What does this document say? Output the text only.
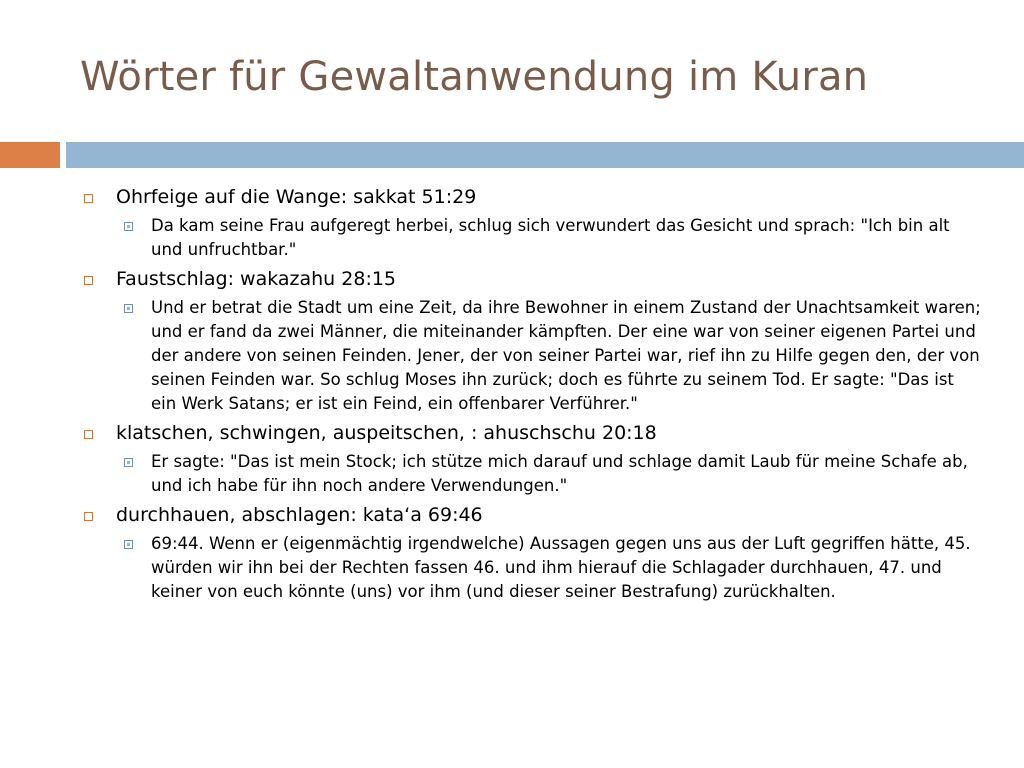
Wörter für Gewaltanwendung im Kuran
Ohrfeige auf die Wange: sakkat 51:29
Da kam seine Frau aufgeregt herbei, schlug sich verwundert das Gesicht und sprach: "Ich bin alt und unfruchtbar."
Faustschlag: wakazahu 28:15
Und er betrat die Stadt um eine Zeit, da ihre Bewohner in einem Zustand der Unachtsamkeit waren; und er fand da zwei Männer, die miteinander kämpften. Der eine war von seiner eigenen Partei und der andere von seinen Feinden. Jener, der von seiner Partei war, rief ihn zu Hilfe gegen den, der von seinen Feinden war. So schlug Moses ihn zurück; doch es führte zu seinem Tod. Er sagte: "Das ist ein Werk Satans; er ist ein Feind, ein offenbarer Verführer."
klatschen, schwingen, auspeitschen, : ahuschschu 20:18
Er sagte: "Das ist mein Stock; ich stütze mich darauf und schlage damit Laub für meine Schafe ab, und ich habe für ihn noch andere Verwendungen."
durchhauen, abschlagen: kata‘a 69:46
69:44. Wenn er (eigenmächtig irgendwelche) Aussagen gegen uns aus der Luft gegriffen hätte, 45. würden wir ihn bei der Rechten fassen 46. und ihm hierauf die Schlagader durchhauen, 47. und keiner von euch könnte (uns) vor ihm (und dieser seiner Bestrafung) zurückhalten.
